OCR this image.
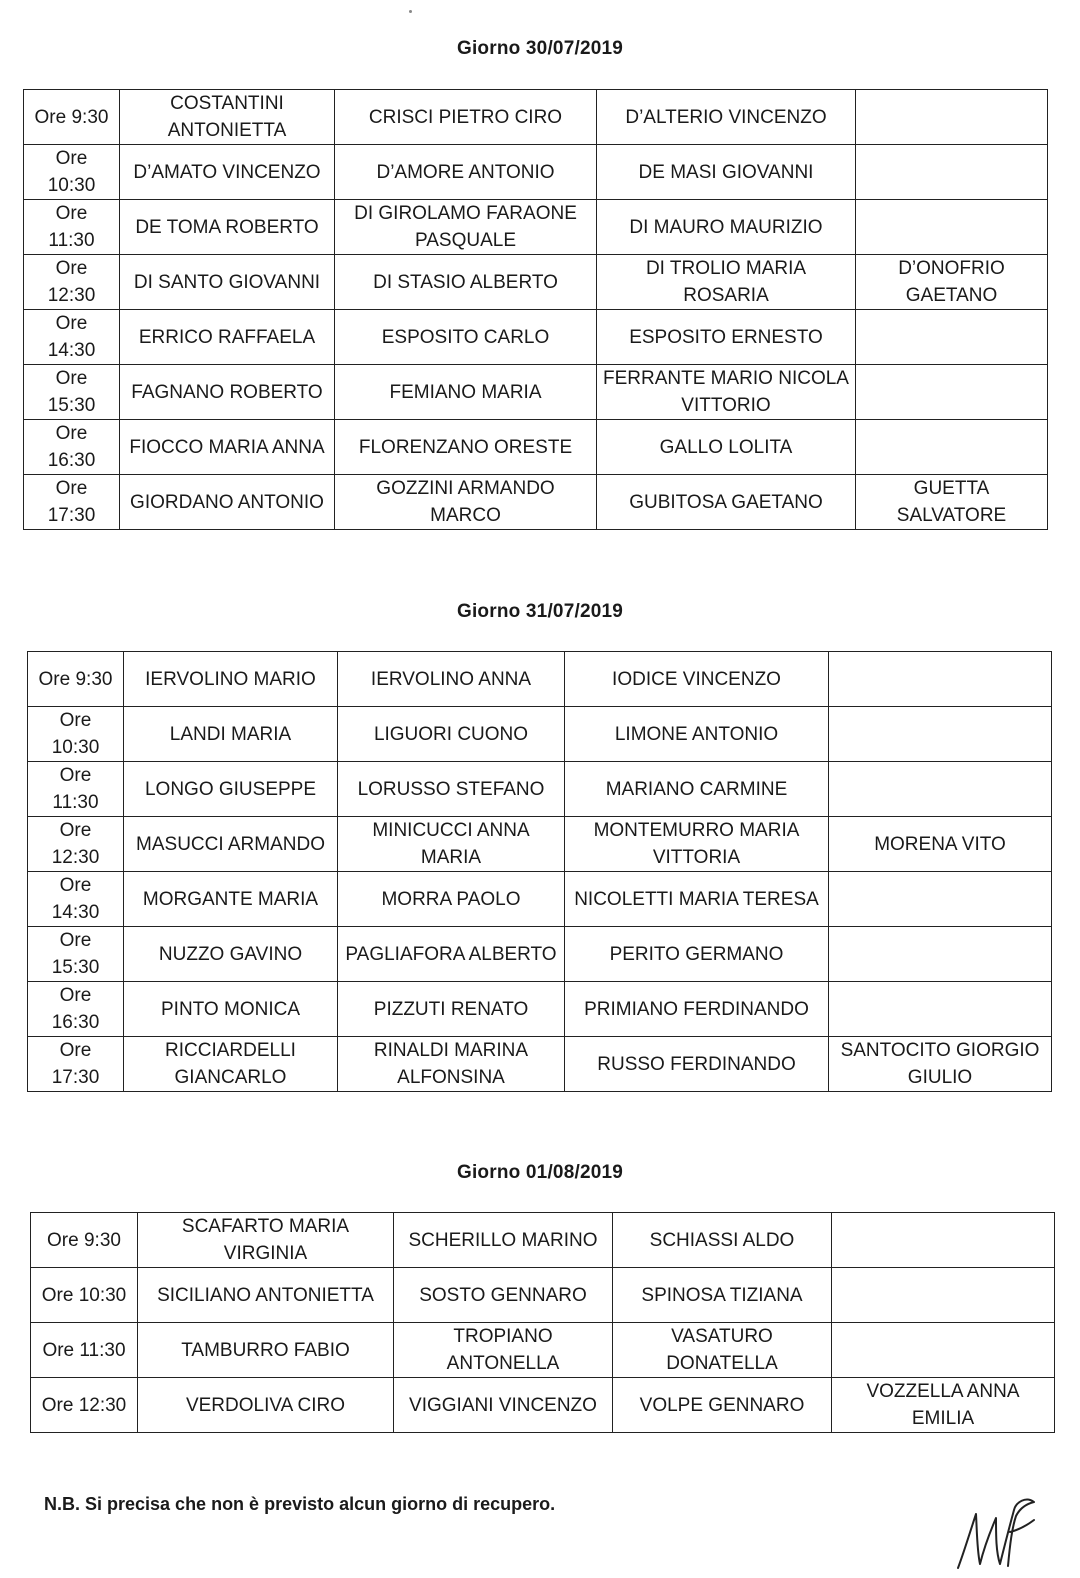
Giorno 30/07/2019
Ore 9:30	COSTANTINI ANTONIETTA	CRISCI PIETRO CIRO	D’ALTERIO VINCENZO	
Ore 10:30	D’AMATO VINCENZO	D’AMORE ANTONIO	DE MASI GIOVANNI	
Ore 11:30	DE TOMA ROBERTO	DI GIROLAMO FARAONE PASQUALE	DI MAURO MAURIZIO	
Ore 12:30	DI SANTO GIOVANNI	DI STASIO ALBERTO	DI TROLIO MARIA ROSARIA	D’ONOFRIO GAETANO
Ore 14:30	ERRICO RAFFAELA	ESPOSITO CARLO	ESPOSITO ERNESTO	
Ore 15:30	FAGNANO ROBERTO	FEMIANO MARIA	FERRANTE MARIO NICOLA VITTORIO	
Ore 16:30	FIOCCO MARIA ANNA	FLORENZANO ORESTE	GALLO LOLITA	
Ore 17:30	GIORDANO ANTONIO	GOZZINI ARMANDO MARCO	GUBITOSA GAETANO	GUETTA SALVATORE
Giorno 31/07/2019
Ore 9:30	IERVOLINO MARIO	IERVOLINO ANNA	IODICE VINCENZO	
Ore 10:30	LANDI MARIA	LIGUORI CUONO	LIMONE ANTONIO	
Ore 11:30	LONGO GIUSEPPE	LORUSSO STEFANO	MARIANO CARMINE	
Ore 12:30	MASUCCI ARMANDO	MINICUCCI ANNA MARIA	MONTEMURRO MARIA VITTORIA	MORENA VITO
Ore 14:30	MORGANTE MARIA	MORRA PAOLO	NICOLETTI MARIA TERESA	
Ore 15:30	NUZZO GAVINO	PAGLIAFORA ALBERTO	PERITO GERMANO	
Ore 16:30	PINTO MONICA	PIZZUTI RENATO	PRIMIANO FERDINANDO	
Ore 17:30	RICCIARDELLI GIANCARLO	RINALDI MARINA ALFONSINA	RUSSO FERDINANDO	SANTOCITO GIORGIO GIULIO
Giorno 01/08/2019
Ore 9:30	SCAFARTO MARIA VIRGINIA	SCHERILLO MARINO	SCHIASSI ALDO	
Ore 10:30	SICILIANO ANTONIETTA	SOSTO GENNARO	SPINOSA TIZIANA	
Ore 11:30	TAMBURRO FABIO	TROPIANO ANTONELLA	VASATURO DONATELLA	
Ore 12:30	VERDOLIVA CIRO	VIGGIANI VINCENZO	VOLPE GENNARO	VOZZELLA ANNA EMILIA
N.B. Si precisa che non è previsto alcun giorno di recupero.
